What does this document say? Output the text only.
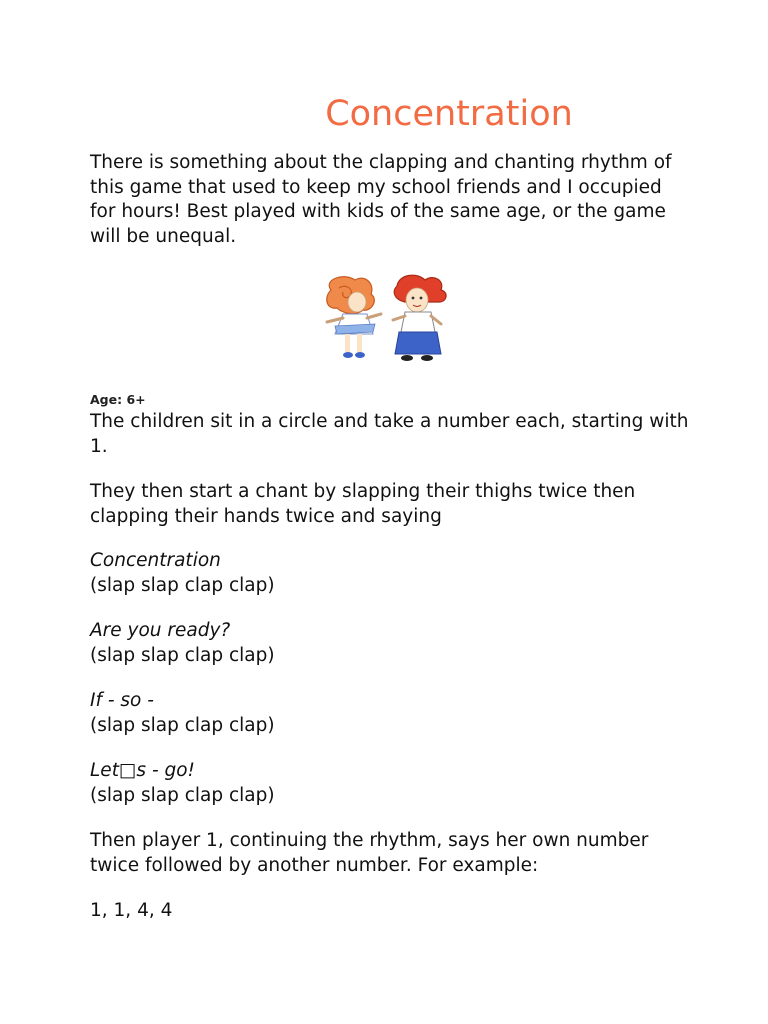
Concentration

There is something about the clapping and chanting rhythm of this game that used to keep my school friends and I occupied for hours! Best played with kids of the same age, or the game will be unequal.

Age: 6+

The children sit in a circle and take a number each, starting with 1.

They then start a chant by slapping their thighs twice then clapping their hands twice and saying

Concentration
(slap slap clap clap)
Are you ready?
(slap slap clap clap)
If - so -
(slap slap clap clap)
Let□s - go!
(slap slap clap clap)

Then player 1, continuing the rhythm, says her own number twice followed by another number. For example:

1, 1, 4, 4
